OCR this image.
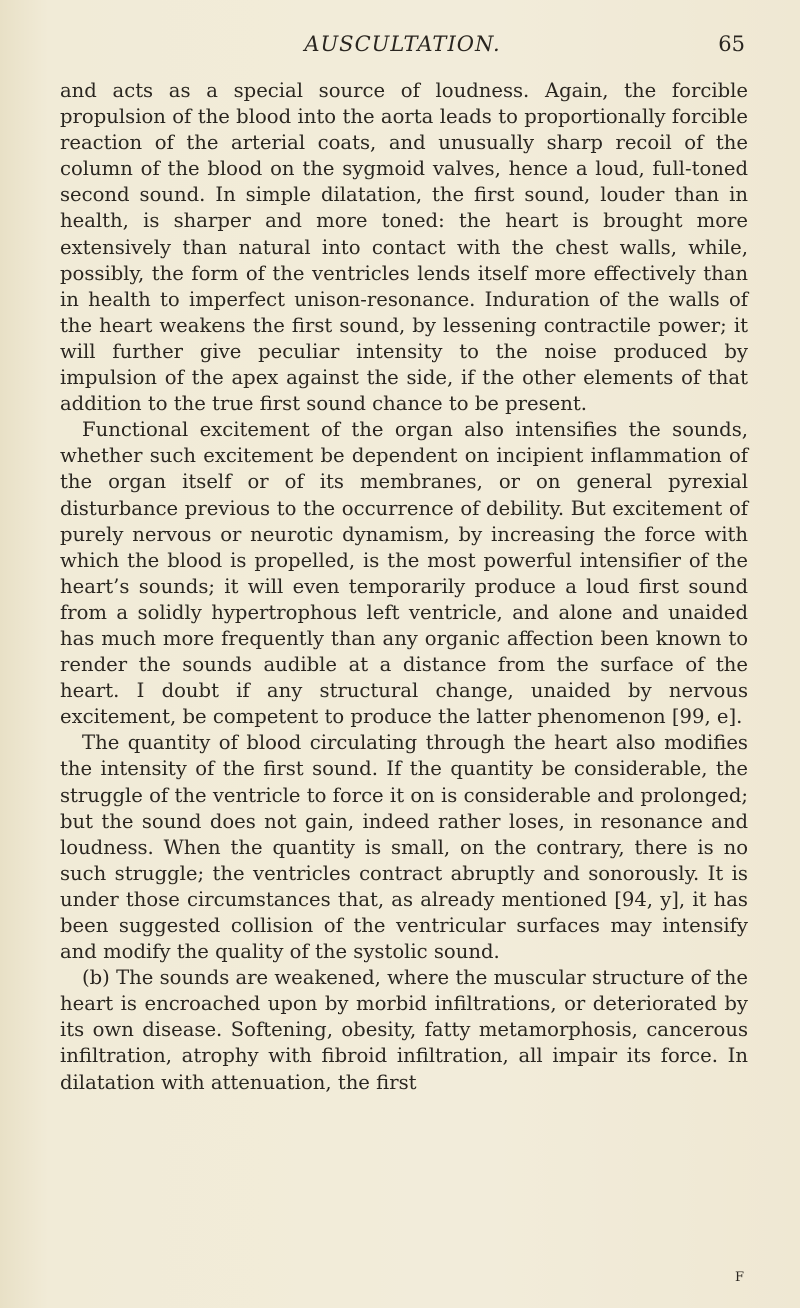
AUSCULTATION.	65

and acts as a special source of loudness. Again, the forcible propulsion of the blood into the aorta leads to proportionally forcible reaction of the arterial coats, and unusually sharp recoil of the column of the blood on the sygmoid valves, hence a loud, full-toned second sound. In simple dilatation, the first sound, louder than in health, is sharper and more toned: the heart is brought more extensively than natural into contact with the chest walls, while, possibly, the form of the ventricles lends itself more effectively than in health to imperfect unison-resonance. Induration of the walls of the heart weakens the first sound, by lessening contractile power; it will further give peculiar intensity to the noise produced by impulsion of the apex against the side, if the other elements of that addition to the true first sound chance to be present.

Functional excitement of the organ also intensifies the sounds, whether such excitement be dependent on incipient inflammation of the organ itself or of its membranes, or on general pyrexial disturbance previous to the occurrence of debility. But excitement of purely nervous or neurotic dynamism, by increasing the force with which the blood is propelled, is the most powerful intensifier of the heart’s sounds; it will even temporarily produce a loud first sound from a solidly hypertrophous left ventricle, and alone and unaided has much more frequently than any organic affection been known to render the sounds audible at a distance from the surface of the heart. I doubt if any structural change, unaided by nervous excitement, be competent to produce the latter phenomenon [99, e].

The quantity of blood circulating through the heart also modifies the intensity of the first sound. If the quantity be considerable, the struggle of the ventricle to force it on is considerable and prolonged; but the sound does not gain, indeed rather loses, in resonance and loudness. When the quantity is small, on the contrary, there is no such struggle; the ventricles contract abruptly and sonorously. It is under those circumstances that, as already mentioned [94, y], it has been suggested collision of the ventricular surfaces may intensify and modify the quality of the systolic sound.

(b) The sounds are weakened, where the muscular structure of the heart is encroached upon by morbid infiltrations, or deteriorated by its own disease. Softening, obesity, fatty metamorphosis, cancerous infiltration, atrophy with fibroid infiltration, all impair its force. In dilatation with attenuation, the first

F
